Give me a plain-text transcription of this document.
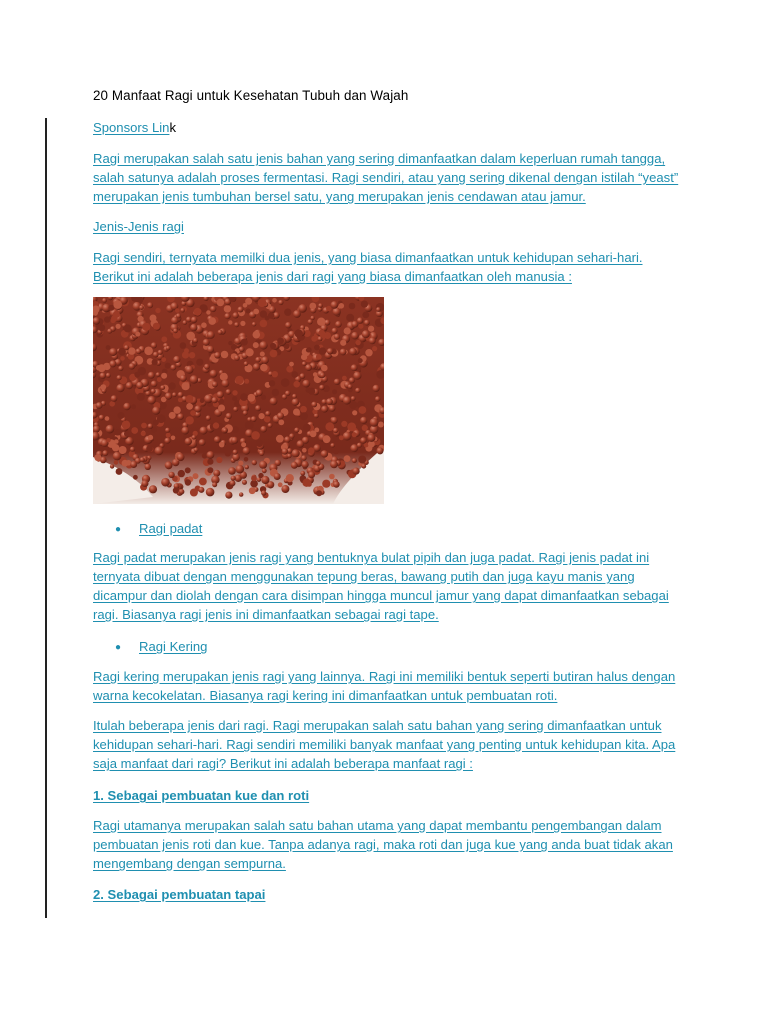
20 Manfaat Ragi untuk Kesehatan Tubuh dan Wajah
Sponsors Link

Ragi merupakan salah satu jenis bahan yang sering dimanfaatkan dalam keperluan rumah tangga,

salah satunya adalah proses fermentasi. Ragi sendiri, atau yang sering dikenal dengan istilah “yeast”

merupakan jenis tumbuhan bersel satu, yang merupakan jenis cendawan atau jamur.

Jenis-Jenis ragi

Ragi sendiri, ternyata memilki dua jenis, yang biasa dimanfaatkan untuk kehidupan sehari-hari.

Berikut ini adalah beberapa jenis dari ragi yang biasa dimanfaatkan oleh manusia :

● Ragi padat

Ragi padat merupakan jenis ragi yang bentuknya bulat pipih dan juga padat. Ragi jenis padat ini

ternyata dibuat dengan menggunakan tepung beras, bawang putih dan juga kayu manis yang

dicampur dan diolah dengan cara disimpan hingga muncul jamur yang dapat dimanfaatkan sebagai

ragi. Biasanya ragi jenis ini dimanfaatkan sebagai ragi tape.

● Ragi Kering

Ragi kering merupakan jenis ragi yang lainnya. Ragi ini memiliki bentuk seperti butiran halus dengan

warna kecokelatan. Biasanya ragi kering ini dimanfaatkan untuk pembuatan roti.

Itulah beberapa jenis dari ragi. Ragi merupakan salah satu bahan yang sering dimanfaatkan untuk

kehidupan sehari-hari. Ragi sendiri memiliki banyak manfaat yang penting untuk kehidupan kita. Apa

saja manfaat dari ragi? Berikut ini adalah beberapa manfaat ragi :

1. Sebagai pembuatan kue dan roti

Ragi utamanya merupakan salah satu bahan utama yang dapat membantu pengembangan dalam

pembuatan jenis roti dan kue. Tanpa adanya ragi, maka roti dan juga kue yang anda buat tidak akan

mengembang dengan sempurna.

2. Sebagai pembuatan tapai
